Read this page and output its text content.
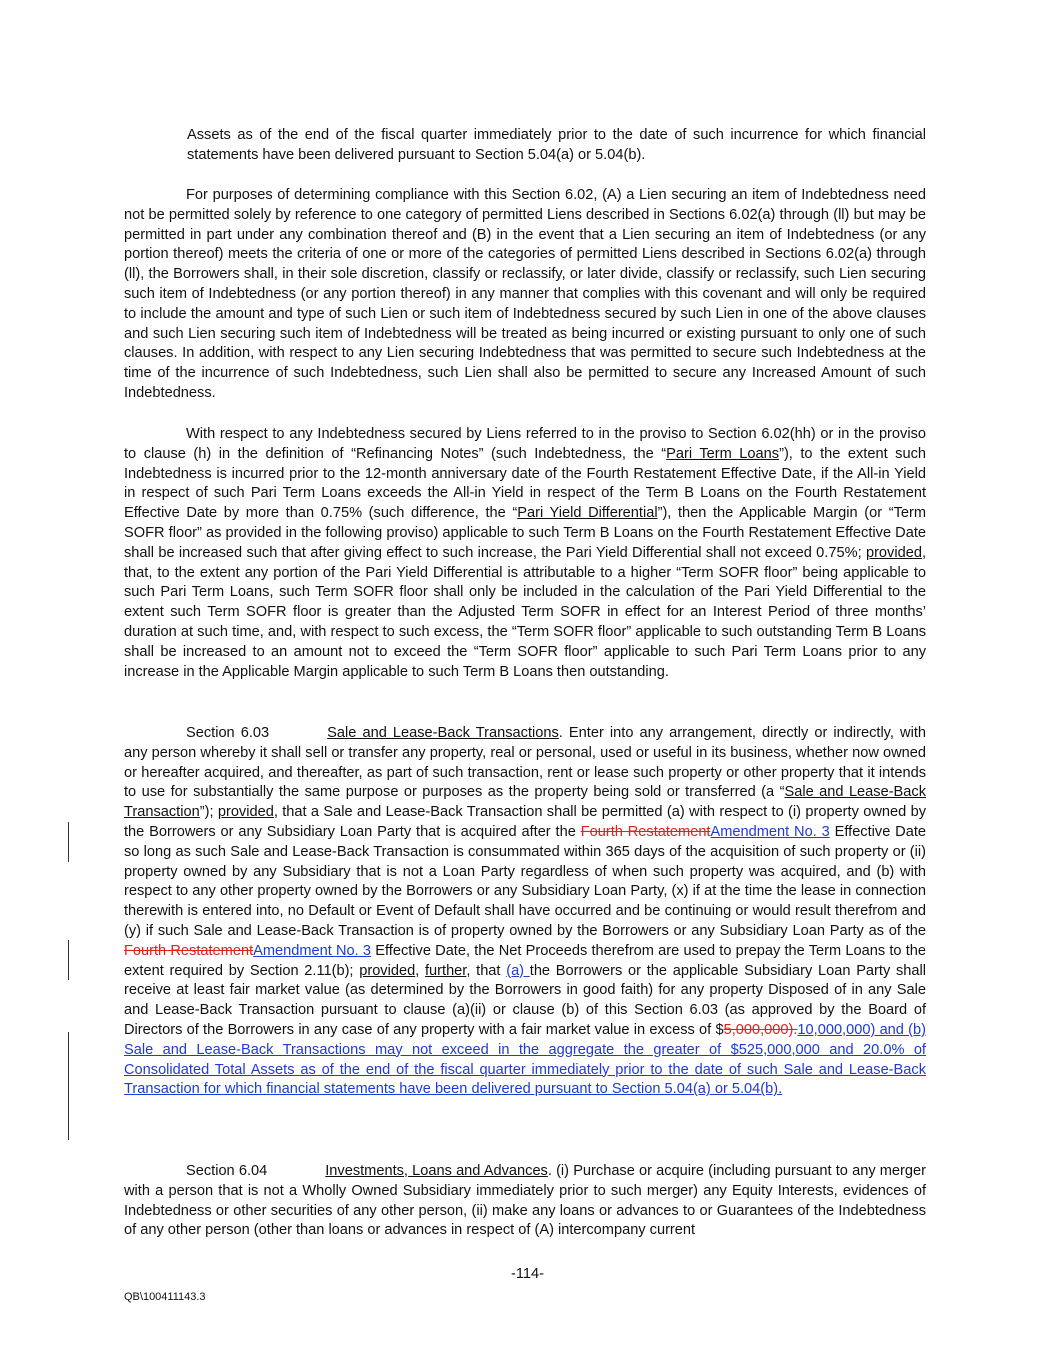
Assets as of the end of the fiscal quarter immediately prior to the date of such incurrence for which financial statements have been delivered pursuant to Section 5.04(a) or 5.04(b).

For purposes of determining compliance with this Section 6.02, (A) a Lien securing an item of Indebtedness need not be permitted solely by reference to one category of permitted Liens described in Sections 6.02(a) through (ll) but may be permitted in part under any combination thereof and (B) in the event that a Lien securing an item of Indebtedness (or any portion thereof) meets the criteria of one or more of the categories of permitted Liens described in Sections 6.02(a) through (ll), the Borrowers shall, in their sole discretion, classify or reclassify, or later divide, classify or reclassify, such Lien securing such item of Indebtedness (or any portion thereof) in any manner that complies with this covenant and will only be required to include the amount and type of such Lien or such item of Indebtedness secured by such Lien in one of the above clauses and such Lien securing such item of Indebtedness will be treated as being incurred or existing pursuant to only one of such clauses. In addition, with respect to any Lien securing Indebtedness that was permitted to secure such Indebtedness at the time of the incurrence of such Indebtedness, such Lien shall also be permitted to secure any Increased Amount of such Indebtedness.

With respect to any Indebtedness secured by Liens referred to in the proviso to Section 6.02(hh) or in the proviso to clause (h) in the definition of “Refinancing Notes” (such Indebtedness, the “Pari Term Loans”), to the extent such Indebtedness is incurred prior to the 12-month anniversary date of the Fourth Restatement Effective Date, if the All-in Yield in respect of such Pari Term Loans exceeds the All-in Yield in respect of the Term B Loans on the Fourth Restatement Effective Date by more than 0.75% (such difference, the “Pari Yield Differential”), then the Applicable Margin (or “Term SOFR floor” as provided in the following proviso) applicable to such Term B Loans on the Fourth Restatement Effective Date shall be increased such that after giving effect to such increase, the Pari Yield Differential shall not exceed 0.75%; provided, that, to the extent any portion of the Pari Yield Differential is attributable to a higher “Term SOFR floor” being applicable to such Pari Term Loans, such Term SOFR floor shall only be included in the calculation of the Pari Yield Differential to the extent such Term SOFR floor is greater than the Adjusted Term SOFR in effect for an Interest Period of three months’ duration at such time, and, with respect to such excess, the “Term SOFR floor” applicable to such outstanding Term B Loans shall be increased to an amount not to exceed the “Term SOFR floor” applicable to such Pari Term Loans prior to any increase in the Applicable Margin applicable to such Term B Loans then outstanding.

Section 6.03	Sale and Lease-Back Transactions. Enter into any arrangement, directly or indirectly, with any person whereby it shall sell or transfer any property, real or personal, used or useful in its business, whether now owned or hereafter acquired, and thereafter, as part of such transaction, rent or lease such property or other property that it intends to use for substantially the same purpose or purposes as the property being sold or transferred (a “Sale and Lease-Back Transaction”); provided, that a Sale and Lease-Back Transaction shall be permitted (a) with respect to (i) property owned by the Borrowers or any Subsidiary Loan Party that is acquired after the Fourth RestatementAmendment No. 3 Effective Date so long as such Sale and Lease-Back Transaction is consummated within 365 days of the acquisition of such property or (ii) property owned by any Subsidiary that is not a Loan Party regardless of when such property was acquired, and (b) with respect to any other property owned by the Borrowers or any Subsidiary Loan Party, (x) if at the time the lease in connection therewith is entered into, no Default or Event of Default shall have occurred and be continuing or would result therefrom and (y) if such Sale and Lease-Back Transaction is of property owned by the Borrowers or any Subsidiary Loan Party as of the Fourth RestatementAmendment No. 3 Effective Date, the Net Proceeds therefrom are used to prepay the Term Loans to the extent required by Section 2.11(b); provided, further, that (a) the Borrowers or the applicable Subsidiary Loan Party shall receive at least fair market value (as determined by the Borrowers in good faith) for any property Disposed of in any Sale and Lease-Back Transaction pursuant to clause (a)(ii) or clause (b) of this Section 6.03 (as approved by the Board of Directors of the Borrowers in any case of any property with a fair market value in excess of $5,000,000).10,000,000) and (b) Sale and Lease-Back Transactions may not exceed in the aggregate the greater of $525,000,000 and 20.0% of Consolidated Total Assets as of the end of the fiscal quarter immediately prior to the date of such Sale and Lease-Back Transaction for which financial statements have been delivered pursuant to Section 5.04(a) or 5.04(b).

Section 6.04	Investments, Loans and Advances. (i) Purchase or acquire (including pursuant to any merger with a person that is not a Wholly Owned Subsidiary immediately prior to such merger) any Equity Interests, evidences of Indebtedness or other securities of any other person, (ii) make any loans or advances to or Guarantees of the Indebtedness of any other person (other than loans or advances in respect of (A) intercompany current

-114-
QB\100411143.3
